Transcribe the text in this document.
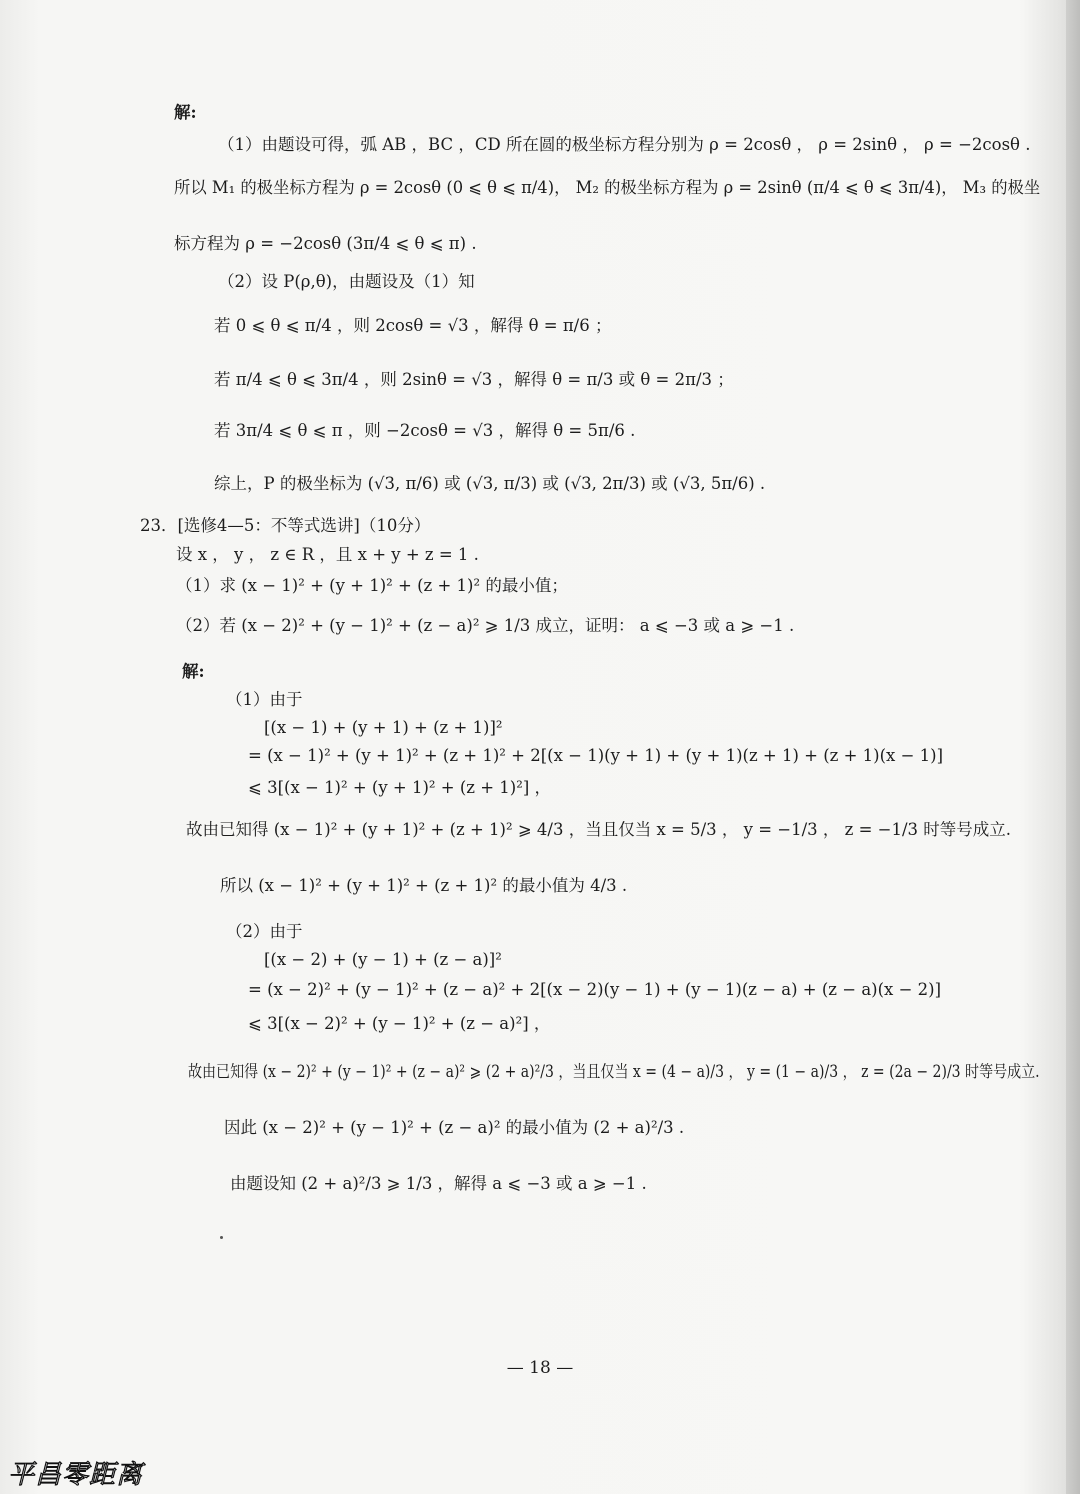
解:
（1）由题设可得，弧 AB ，BC ，CD 所在圆的极坐标方程分别为 ρ = 2cosθ ， ρ = 2sinθ ， ρ = −2cosθ .
所以 M₁ 的极坐标方程为 ρ = 2cosθ (0 ⩽ θ ⩽ π/4)， M₂ 的极坐标方程为 ρ = 2sinθ (π/4 ⩽ θ ⩽ 3π/4)， M₃ 的极坐
标方程为 ρ = −2cosθ (3π/4 ⩽ θ ⩽ π) .
（2）设 P(ρ,θ)，由题设及（1）知
若 0 ⩽ θ ⩽ π/4 ，则 2cosθ = √3 ，解得 θ = π/6 ；
若 π/4 ⩽ θ ⩽ 3π/4 ，则 2sinθ = √3 ，解得 θ = π/3 或 θ = 2π/3 ；
若 3π/4 ⩽ θ ⩽ π ，则 −2cosθ = √3 ，解得 θ = 5π/6 .
综上，P 的极坐标为 (√3, π/6) 或 (√3, π/3) 或 (√3, 2π/3) 或 (√3, 5π/6) .
23．[选修4—5：不等式选讲]（10分）
设 x ， y ， z ∈ R ，且 x + y + z = 1 .
（1）求 (x − 1)² + (y + 1)² + (z + 1)² 的最小值；
（2）若 (x − 2)² + (y − 1)² + (z − a)² ⩾ 1/3 成立，证明： a ⩽ −3 或 a ⩾ −1 .
解:
（1）由于
[(x − 1) + (y + 1) + (z + 1)]²
= (x − 1)² + (y + 1)² + (z + 1)² + 2[(x − 1)(y + 1) + (y + 1)(z + 1) + (z + 1)(x − 1)]
⩽ 3[(x − 1)² + (y + 1)² + (z + 1)²] ，
故由已知得 (x − 1)² + (y + 1)² + (z + 1)² ⩾ 4/3 ，当且仅当 x = 5/3 ， y = −1/3 ， z = −1/3 时等号成立.
所以 (x − 1)² + (y + 1)² + (z + 1)² 的最小值为 4/3 .
（2）由于
[(x − 2) + (y − 1) + (z − a)]²
= (x − 2)² + (y − 1)² + (z − a)² + 2[(x − 2)(y − 1) + (y − 1)(z − a) + (z − a)(x − 2)]
⩽ 3[(x − 2)² + (y − 1)² + (z − a)²] ，
故由已知得 (x − 2)² + (y − 1)² + (z − a)² ⩾ (2 + a)²/3 ，当且仅当 x = (4 − a)/3 ， y = (1 − a)/3 ， z = (2a − 2)/3 时等号成立.
因此 (x − 2)² + (y − 1)² + (z − a)² 的最小值为 (2 + a)²/3 .
由题设知 (2 + a)²/3 ⩾ 1/3 ，解得 a ⩽ −3 或 a ⩾ −1 .
— 18 —
平昌零距离
